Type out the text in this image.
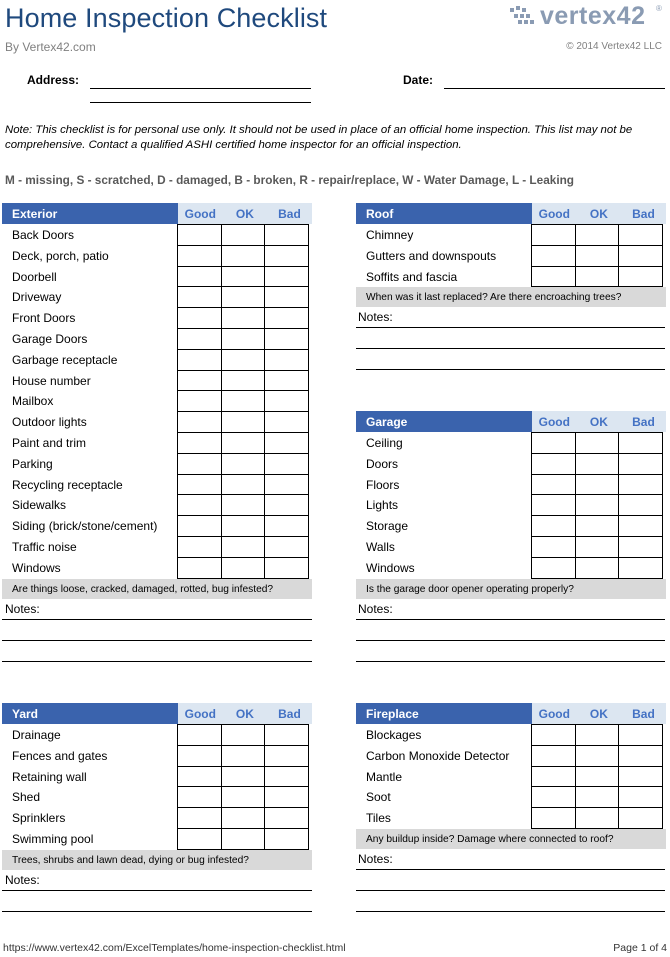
Home Inspection Checklist
By Vertex42.com
vertex42 ®
© 2014 Vertex42 LLC
Address:	Date:
Note: This checklist is for personal use only. It should not be used in place of an official home inspection. This list may not be comprehensive. Contact a qualified ASHI certified home inspector for an official inspection.
M - missing, S - scratched, D - damaged, B - broken, R - repair/replace, W - Water Damage, L - Leaking
Exterior	Good	OK	Bad
Back Doors
Deck, porch, patio
Doorbell
Driveway
Front Doors
Garage Doors
Garbage receptacle
House number
Mailbox
Outdoor lights
Paint and trim
Parking
Recycling receptacle
Sidewalks
Siding (brick/stone/cement)
Traffic noise
Windows
Are things loose, cracked, damaged, rotted, bug infested?
Roof	Good	OK	Bad
Chimney
Gutters and downspouts
Soffits and fascia
When was it last replaced? Are there encroaching trees?
Garage	Good	OK	Bad
Ceiling
Doors
Floors
Lights
Storage
Walls
Windows
Is the garage door opener operating properly?
Yard	Good	OK	Bad
Drainage
Fences and gates
Retaining wall
Shed
Sprinklers
Swimming pool
Trees, shrubs and lawn dead, dying or bug infested?
Fireplace	Good	OK	Bad
Blockages
Carbon Monoxide Detector
Mantle
Soot
Tiles
Any buildup inside? Damage where connected to roof?
Notes:
Notes:
Notes:
Notes:
Notes:
https://www.vertex42.com/ExcelTemplates/home-inspection-checklist.html	Page 1 of 4
